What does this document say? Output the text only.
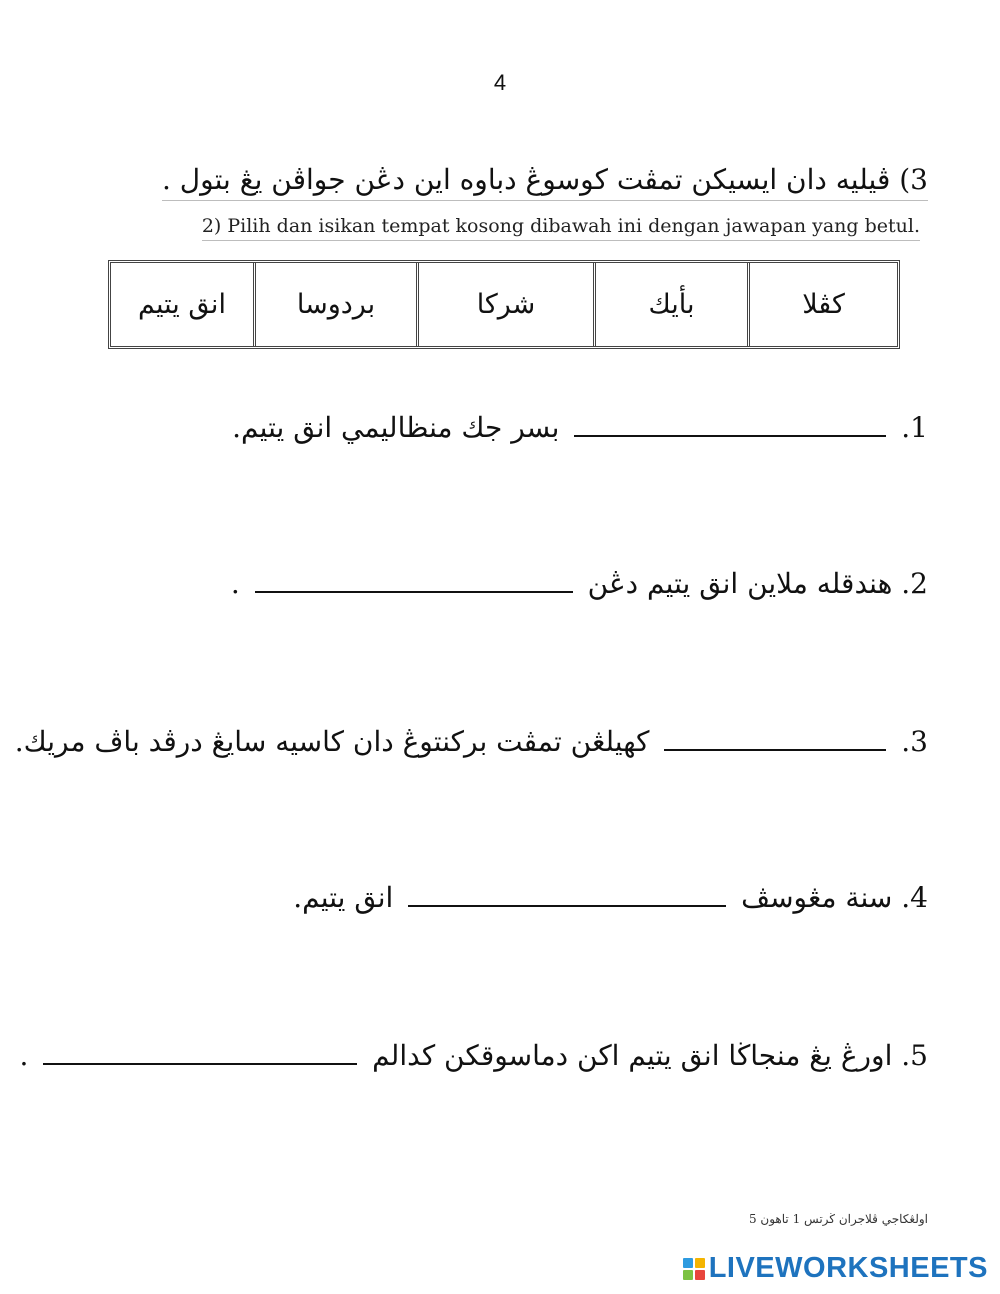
4
3) ڤيليه دان ايسيکن تمڤت کوسوڠ دباوه اين دڠن جواڤن يڠ بتول .
2) Pilih dan isikan tempat kosong dibawah ini dengan jawapan yang betul.
كڤلا
بأيك
شركا
بردوسا
انق يتيم
1.  بسر جك منظاليمي انق يتيم.
2. هندقله ملاين انق يتيم دڠن  .
3.  كهيلڠن تمڤت بركنتوڠ دان كاسيه سايڠ درڤد باڤ مريك.
4. سنة مڠوسڤ  انق يتيم.
5. اورڠ يڠ منجاڬا انق يتيم اكن دماسوقكن كدالم  .
اولڠکاجي ڤلاجران ڬرتس 1 تاهون 5
LIVEWORKSHEETS
